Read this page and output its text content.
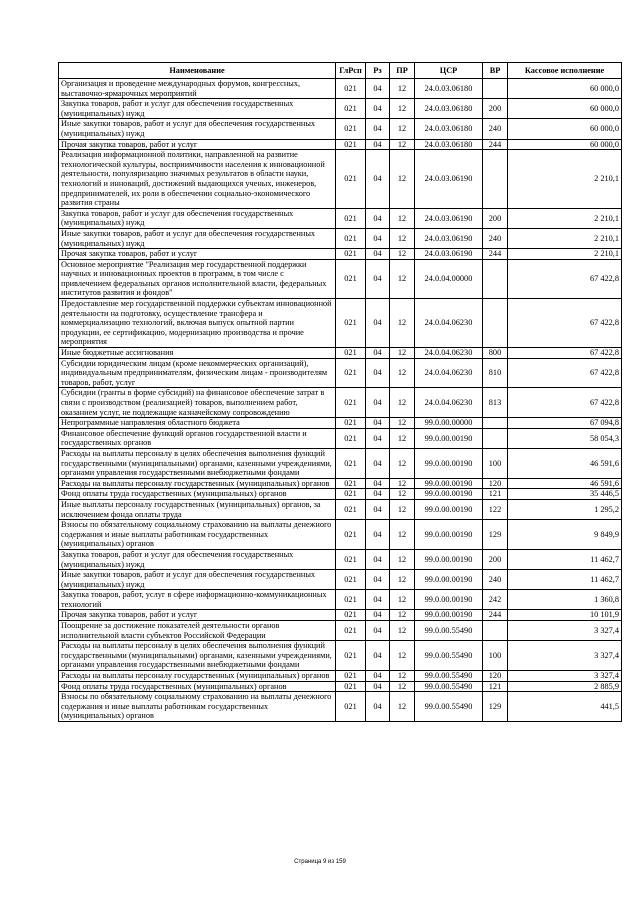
Наименование	ГлРсп	Рз	ПР	ЦСР	ВР	Кассовое исполнение
Организация и проведение международных форумов, конгрессных, выставочно-ярмарочных мероприятий	021	04	12	24.0.03.06180		60 000,0
Закупка товаров, работ и услуг для обеспечения государственных (муниципальных) нужд	021	04	12	24.0.03.06180	200	60 000,0
Иные закупки товаров, работ и услуг для обеспечения государственных (муниципальных) нужд	021	04	12	24.0.03.06180	240	60 000,0
Прочая закупка товаров, работ и услуг	021	04	12	24.0.03.06180	244	60 000,0
Реализация информационной политики, направленной на развитие технологической культуры, восприимчивости населения к инновационной деятельности, популяризацию значимых результатов в области науки, технологий и инноваций, достижений выдающихся ученых, инженеров, предпринимателей, их роли в обеспечении социально-экономического развития страны	021	04	12	24.0.03.06190		2 210,1
Закупка товаров, работ и услуг для обеспечения государственных (муниципальных) нужд	021	04	12	24.0.03.06190	200	2 210,1
Иные закупки товаров, работ и услуг для обеспечения государственных (муниципальных) нужд	021	04	12	24.0.03.06190	240	2 210,1
Прочая закупка товаров, работ и услуг	021	04	12	24.0.03.06190	244	2 210,1
Основное мероприятие "Реализация мер государственной поддержки научных и инновационных проектов в программ, в том числе с привлечением федеральных органов исполнительной власти, федеральных институтов развития и фондов"	021	04	12	24.0.04.00000		67 422,8
Предоставление мер государственной поддержки субъектам инновационной деятельности на подготовку, осуществление трансфера и коммерциализацию технологий, включая выпуск опытной партии продукции, ее сертификацию, модернизацию производства и прочие мероприятия	021	04	12	24.0.04.06230		67 422,8
Иные бюджетные ассигнования	021	04	12	24.0.04.06230	800	67 422,8
Субсидии юридическим лицам (кроме некоммерческих организаций), индивидуальным предпринимателям, физическим лицам - производителям товаров, работ, услуг	021	04	12	24.0.04.06230	810	67 422,8
Субсидии (гранты в форме субсидий) на финансовое обеспечение затрат в связи с производством (реализацией) товаров, выполнением работ, оказанием услуг, не подлежащие казначейскому сопровождению	021	04	12	24.0.04.06230	813	67 422,8
Непрограммные направления областного бюджета	021	04	12	99.0.00.00000		67 094,8
Финансовое обеспечение функций органов государственной власти и государственных органов	021	04	12	99.0.00.00190		58 054,3
Расходы на выплаты персоналу в целях обеспечения выполнения функций государственными (муниципальными) органами, казенными учреждениями, органами управления государственными внебюджетными фондами	021	04	12	99.0.00.00190	100	46 591,6
Расходы на выплаты персоналу государственных (муниципальных) органов	021	04	12	99.0.00.00190	120	46 591,6
Фонд оплаты труда государственных (муниципальных) органов	021	04	12	99.0.00.00190	121	35 446,5
Иные выплаты персоналу государственных (муниципальных) органов, за исключением фонда оплаты труда	021	04	12	99.0.00.00190	122	1 295,2
Взносы по обязательному социальному страхованию на выплаты денежного содержания и иные выплаты работникам государственных (муниципальных) органов	021	04	12	99.0.00.00190	129	9 849,9
Закупка товаров, работ и услуг для обеспечения государственных (муниципальных) нужд	021	04	12	99.0.00.00190	200	11 462,7
Иные закупки товаров, работ и услуг для обеспечения государственных (муниципальных) нужд	021	04	12	99.0.00.00190	240	11 462,7
Закупка товаров, работ, услуг в сфере информационно-коммуникационных технологий	021	04	12	99.0.00.00190	242	1 360,8
Прочая закупка товаров, работ и услуг	021	04	12	99.0.00.00190	244	10 101,9
Поощрение за достижение показателей деятельности органов исполнительной власти субъектов Российской Федерации	021	04	12	99.0.00.55490		3 327,4
Расходы на выплаты персоналу в целях обеспечения выполнения функций государственными (муниципальными) органами, казенными учреждениями, органами управления государственными внебюджетными фондами	021	04	12	99.0.00.55490	100	3 327,4
Расходы на выплаты персоналу государственных (муниципальных) органов	021	04	12	99.0.00.55490	120	3 327,4
Фонд оплаты труда государственных (муниципальных) органов	021	04	12	99.0.00.55490	121	2 885,9
Взносы по обязательному социальному страхованию на выплаты денежного содержания и иные выплаты работникам государственных (муниципальных) органов	021	04	12	99.0.00.55490	129	441,5
Страница 9 из 159
